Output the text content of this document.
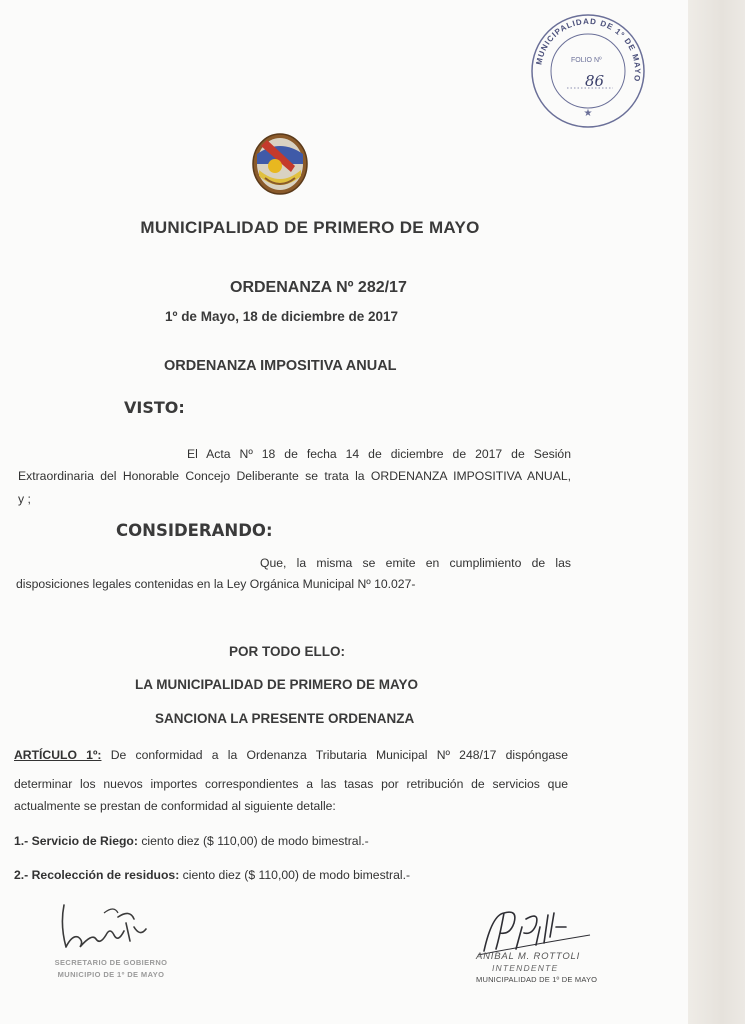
MUNICIPALIDAD DE 1º DE MAYO
★
FOLIO Nº
86
MUNICIPALIDAD DE PRIMERO DE MAYO
ORDENANZA Nº 282/17
1º de Mayo, 18 de diciembre de 2017
ORDENANZA IMPOSITIVA ANUAL
VISTO:
El Acta Nº 18 de fecha 14 de diciembre de 2017 de Sesión
Extraordinaria del Honorable Concejo Deliberante se trata la ORDENANZA IMPOSITIVA ANUAL,
y ;
CONSIDERANDO:
Que, la misma se emite en cumplimiento de las
disposiciones legales contenidas en la Ley Orgánica Municipal Nº 10.027-
POR TODO ELLO:
LA MUNICIPALIDAD DE PRIMERO DE MAYO
SANCIONA LA PRESENTE ORDENANZA
ARTÍCULO 1º: De conformidad a la Ordenanza Tributaria Municipal Nº 248/17 dispóngase
determinar los nuevos importes correspondientes a las tasas por retribución de servicios que
actualmente se prestan de conformidad al siguiente detalle:
1.- Servicio de Riego: ciento diez ($ 110,00) de modo bimestral.-
2.- Recolección de residuos: ciento diez ($ 110,00) de modo bimestral.-
SECRETARIO DE GOBIERNO
MUNICIPIO DE 1º DE MAYO
ANIBAL M. ROTTOLI
INTENDENTE
MUNICIPALIDAD DE 1º DE MAYO
